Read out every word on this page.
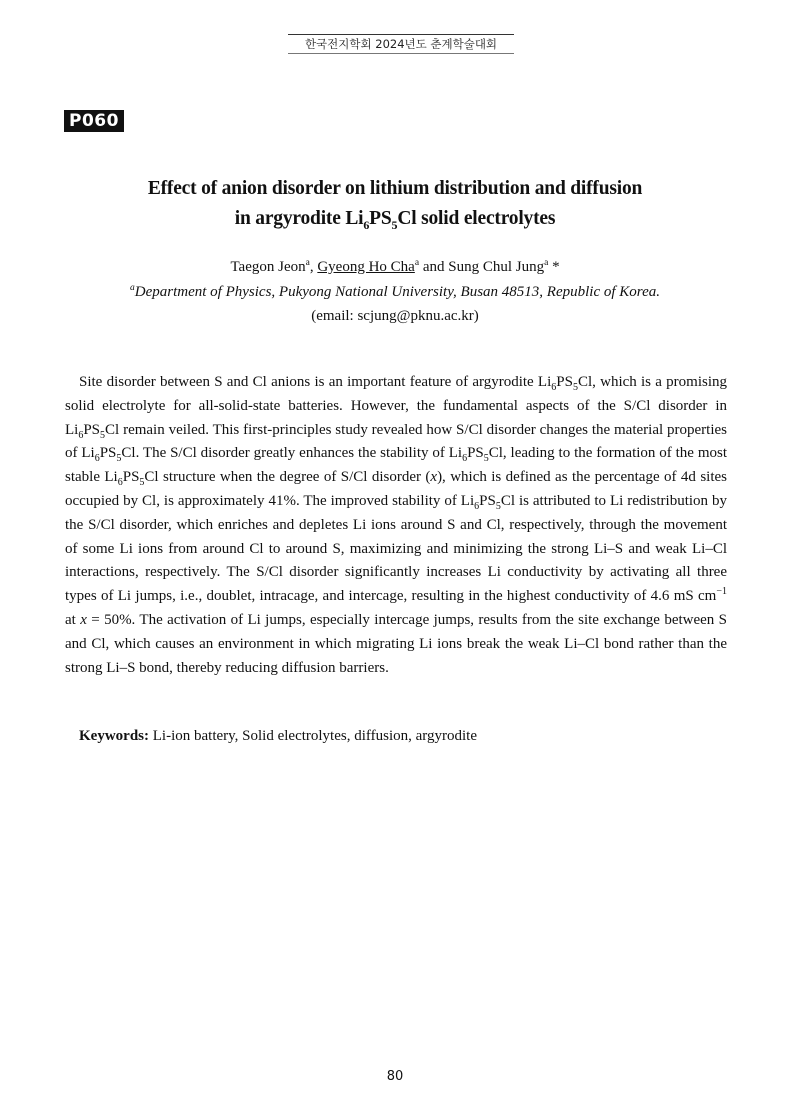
한국전지학회 2024년도 춘계학술대회
P060
Effect of anion disorder on lithium distribution and diffusion
in argyrodite $Li_6PS_5Cl$ solid electrolytes
Taegon Jeon$^a$, Gyeong Ho Cha$^a$ and Sung Chul Jung$^a$ *
$^a$Department of Physics, Pukyong National University, Busan 48513, Republic of Korea.
(email: scjung@pknu.ac.kr)

Site disorder between S and Cl anions is an important feature of argyrodite $Li_6PS_5Cl$, which is a promising solid electrolyte for all-solid-state batteries. However, the fundamental aspects of the S/Cl disorder in $Li_6PS_5Cl$ remain veiled. This first-principles study revealed how S/Cl disorder changes the material properties of $Li_6PS_5Cl$. The S/Cl disorder greatly enhances the stability of $Li_6PS_5Cl$, leading to the formation of the most stable $Li_6PS_5Cl$ structure when the degree of S/Cl disorder (x), which is defined as the percentage of 4d sites occupied by Cl, is approximately 41%. The improved stability of $Li_6PS_5Cl$ is attributed to Li redistribution by the S/Cl disorder, which enriches and depletes Li ions around S and Cl, respectively, through the movement of some Li ions from around Cl to around S, maximizing and minimizing the strong Li–S and weak Li–Cl interactions, respectively. The S/Cl disorder significantly increases Li conductivity by activating all three types of Li jumps, i.e., doublet, intracage, and intercage, resulting in the highest conductivity of 4.6 mS $cm^{-1}$ at x = 50%. The activation of Li jumps, especially intercage jumps, results from the site exchange between S and Cl, which causes an environment in which migrating Li ions break the weak Li–Cl bond rather than the strong Li–S bond, thereby reducing diffusion barriers.

Keywords: Li-ion battery, Solid electrolytes, diffusion, argyrodite
80
